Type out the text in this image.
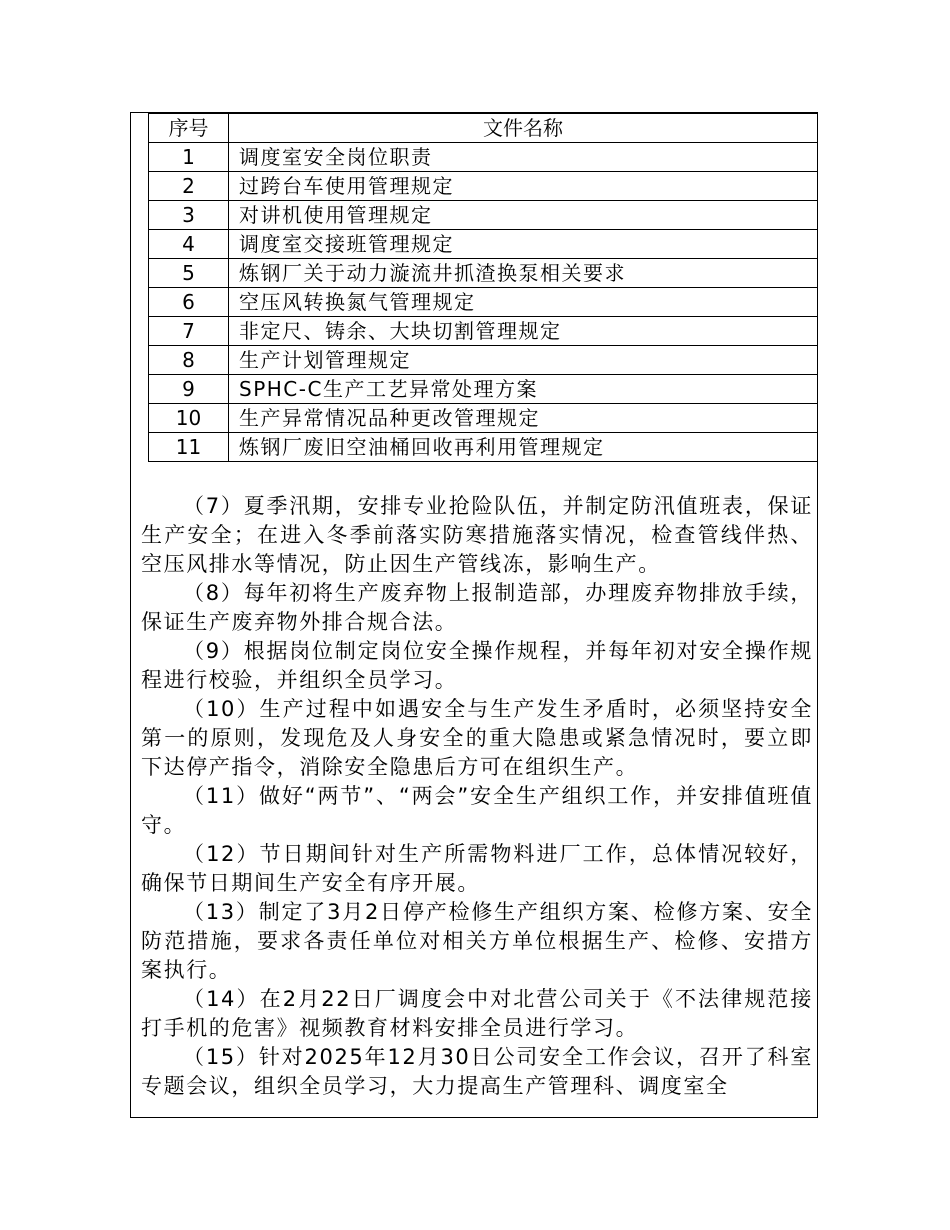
序号	文件名称
1	调度室安全岗位职责
2	过跨台车使用管理规定
3	对讲机使用管理规定
4	调度室交接班管理规定
5	炼钢厂关于动力漩流井抓渣换泵相关要求
6	空压风转换氮气管理规定
7	非定尺、铸余、大块切割管理规定
8	生产计划管理规定
9	SPHC-C生产工艺异常处理方案
10	生产异常情况品种更改管理规定
11	炼钢厂废旧空油桶回收再利用管理规定

（7）夏季汛期，安排专业抢险队伍，并制定防汛值班表，保证生产安全；在进入冬季前落实防寒措施落实情况，检查管线伴热、空压风排水等情况，防止因生产管线冻，影响生产。

（8）每年初将生产废弃物上报制造部，办理废弃物排放手续，保证生产废弃物外排合规合法。

（9）根据岗位制定岗位安全操作规程，并每年初对安全操作规程进行校验，并组织全员学习。

（10）生产过程中如遇安全与生产发生矛盾时，必须坚持安全第一的原则，发现危及人身安全的重大隐患或紧急情况时，要立即下达停产指令，消除安全隐患后方可在组织生产。

（11）做好“两节”、“两会”安全生产组织工作，并安排值班值守。

（12）节日期间针对生产所需物料进厂工作，总体情况较好，确保节日期间生产安全有序开展。

（13）制定了3月2日停产检修生产组织方案、检修方案、安全防范措施，要求各责任单位对相关方单位根据生产、检修、安措方案执行。

（14）在2月22日厂调度会中对北营公司关于《不法律规范接打手机的危害》视频教育材料安排全员进行学习。

（15）针对2025年12月30日公司安全工作会议，召开了科室专题会议，组织全员学习，大力提高生产管理科、调度室全
